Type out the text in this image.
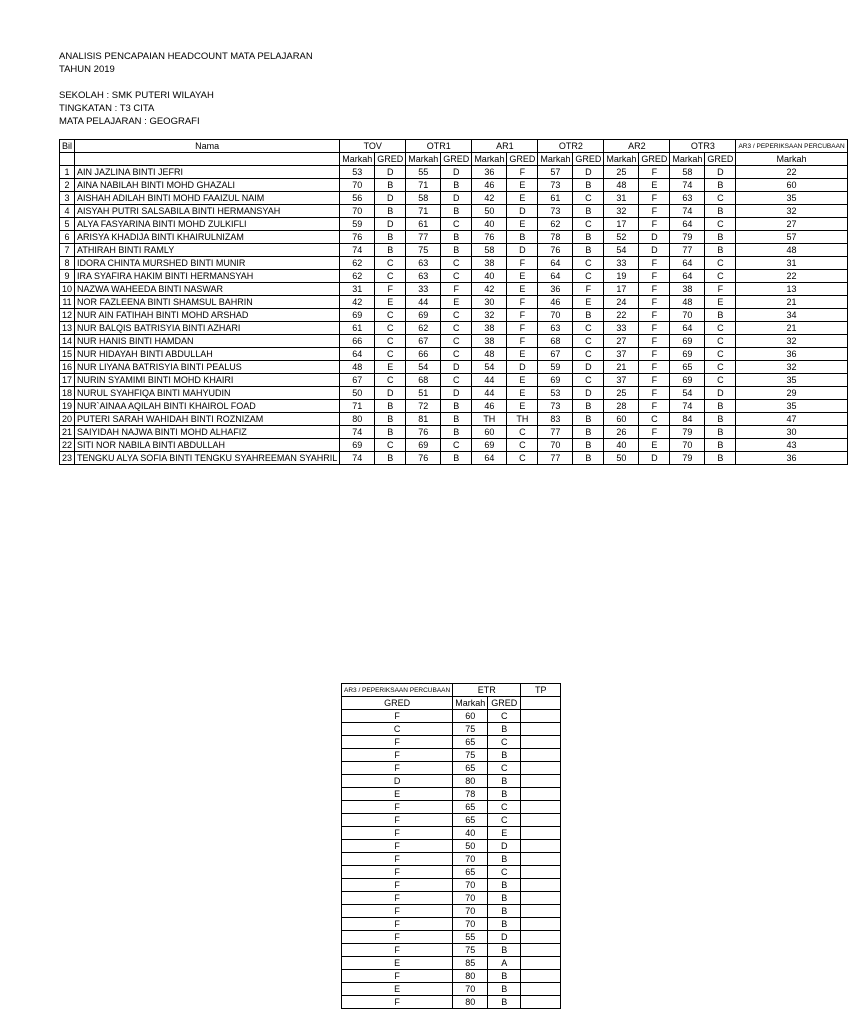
ANALISIS PENCAPAIAN HEADCOUNT MATA PELAJARAN
TAHUN 2019
SEKOLAH : SMK PUTERI WILAYAH
TINGKATAN : T3 CITA
MATA PELAJARAN : GEOGRAFI
Bil	Nama	TOV		OTR1		AR1		OTR2		AR2		OTR3		AR3 / PEPERIKSAAN PERCUBAAN
		Markah	GRED	Markah	GRED	Markah	GRED	Markah	GRED	Markah	GRED	Markah	GRED	Markah
1	AIN JAZLINA BINTI JEFRI	53	D	55	D	36	F	57	D	25	F	58	D	22
2	AINA NABILAH BINTI MOHD GHAZALI	70	B	71	B	46	E	73	B	48	E	74	B	60
3	AISHAH ADILAH BINTI MOHD FAAIZUL NAIM	56	D	58	D	42	E	61	C	31	F	63	C	35
4	AISYAH PUTRI SALSABILA BINTI HERMANSYAH	70	B	71	B	50	D	73	B	32	F	74	B	32
5	ALYA FASYARINA BINTI MOHD ZULKIFLI	59	D	61	C	40	E	62	C	17	F	64	C	27
6	ARISYA KHADIJA BINTI KHAIRULNIZAM	76	B	77	B	76	B	78	B	52	D	79	B	57
7	ATHIRAH BINTI RAMLY	74	B	75	B	58	D	76	B	54	D	77	B	48
8	IDORA CHINTA MURSHED BINTI MUNIR	62	C	63	C	38	F	64	C	33	F	64	C	31
9	IRA SYAFIRA HAKIM BINTI HERMANSYAH	62	C	63	C	40	E	64	C	19	F	64	C	22
10	NAZWA WAHEEDA BINTI NASWAR	31	F	33	F	42	E	36	F	17	F	38	F	13
11	NOR FAZLEENA BINTI SHAMSUL BAHRIN	42	E	44	E	30	F	46	E	24	F	48	E	21
12	NUR AIN FATIHAH BINTI MOHD ARSHAD	69	C	69	C	32	F	70	B	22	F	70	B	34
13	NUR BALQIS BATRISYIA BINTI AZHARI	61	C	62	C	38	F	63	C	33	F	64	C	21
14	NUR HANIS BINTI HAMDAN	66	C	67	C	38	F	68	C	27	F	69	C	32
15	NUR HIDAYAH BINTI ABDULLAH	64	C	66	C	48	E	67	C	37	F	69	C	36
16	NUR LIYANA BATRISYIA BINTI PEALUS	48	E	54	D	54	D	59	D	21	F	65	C	32
17	NURIN SYAMIMI BINTI MOHD KHAIRI	67	C	68	C	44	E	69	C	37	F	69	C	35
18	NURUL SYAHFIQA BINTI MAHYUDIN	50	D	51	D	44	E	53	D	25	F	54	D	29
19	NUR`AINAA AQILAH BINTI KHAIROL FOAD	71	B	72	B	46	E	73	B	28	F	74	B	35
20	PUTERI SARAH WAHIDAH BINTI ROZNIZAM	80	B	81	B	TH	TH	83	B	60	C	84	B	47
21	SAIYIDAH NAJWA BINTI MOHD ALHAFIZ	74	B	76	B	60	C	77	B	26	F	79	B	30
22	SITI NOR NABILA BINTI ABDULLAH	69	C	69	C	69	C	70	B	40	E	70	B	43
23	TENGKU ALYA SOFIA BINTI TENGKU SYAHREEMAN SYAHRIL	74	B	76	B	64	C	77	B	50	D	79	B	36
AR3 / PEPERIKSAAN PERCUBAAN	ETR		TP
GRED	Markah	GRED	
F	60	C	
C	75	B	
F	65	C	
F	75	B	
F	65	C	
D	80	B	
E	78	B	
F	65	C	
F	65	C	
F	40	E	
F	50	D	
F	70	B	
F	65	C	
F	70	B	
F	70	B	
F	70	B	
F	70	B	
F	55	D	
F	75	B	
E	85	A	
F	80	B	
E	70	B	
F	80	B	
